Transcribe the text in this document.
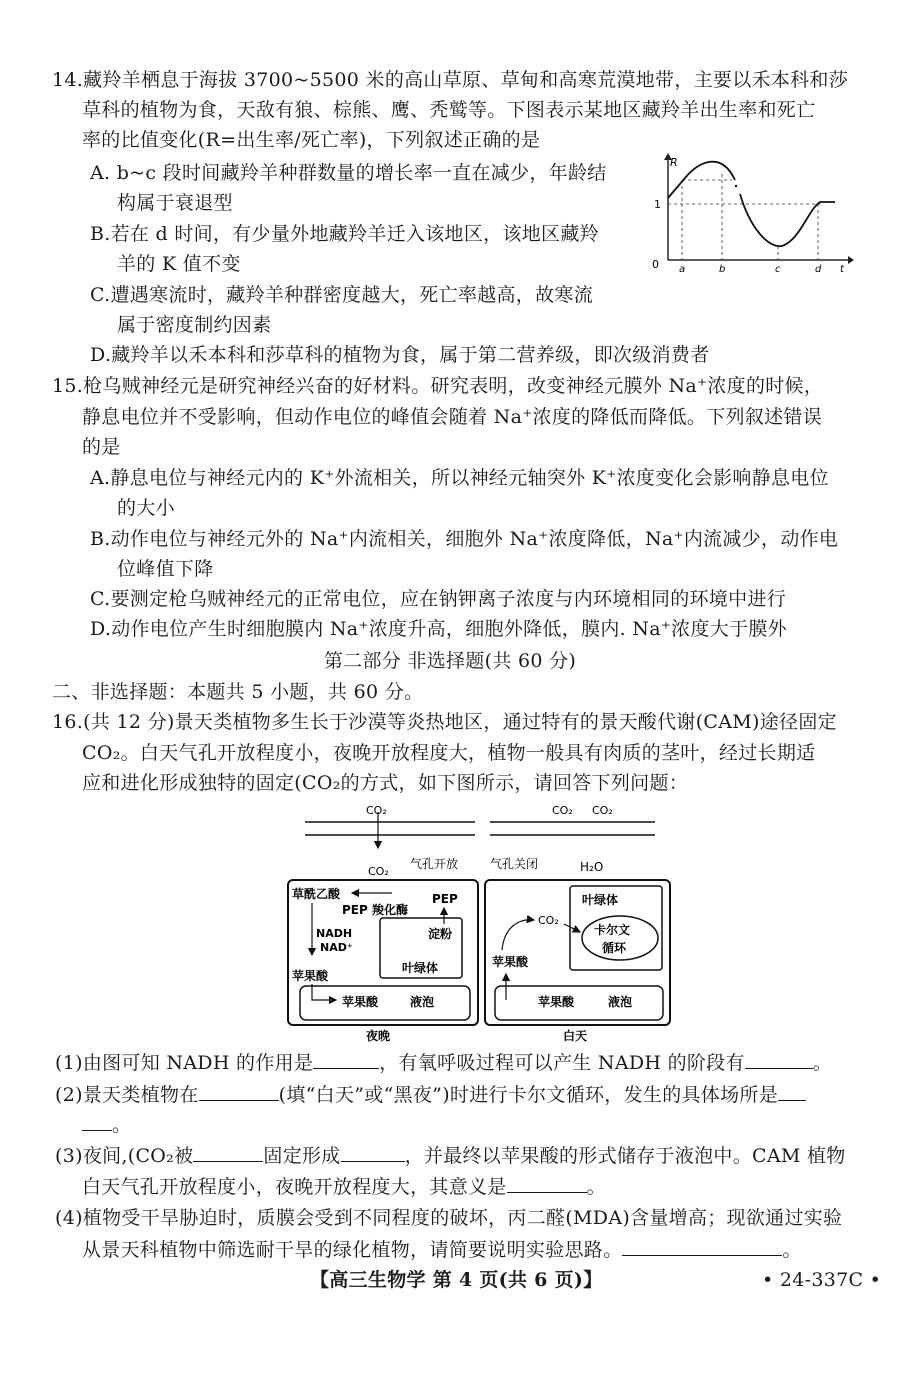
14.藏羚羊栖息于海拔 3700~5500 米的高山草原、草甸和高寒荒漠地带，主要以禾本科和莎
草科的植物为食，天敌有狼、棕熊、鹰、秃鹫等。下图表示某地区藏羚羊出生率和死亡
率的比值变化(R=出生率/死亡率)，下列叙述正确的是
A. b~c 段时间藏羚羊种群数量的增长率一直在减少，年龄结
构属于衰退型
B.若在 d 时间，有少量外地藏羚羊迁入该地区，该地区藏羚
羊的 K 值不变
C.遭遇寒流时，藏羚羊种群密度越大，死亡率越高，故寒流
属于密度制约因素
D.藏羚羊以禾本科和莎草科的植物为食，属于第二营养级，即次级消费者
R
1
0 a	b	c	d t
15.枪乌贼神经元是研究神经兴奋的好材料。研究表明，改变神经元膜外 Na⁺浓度的时候，
静息电位并不受影响，但动作电位的峰值会随着 Na⁺浓度的降低而降低。下列叙述错误
的是
A.静息电位与神经元内的 K⁺外流相关，所以神经元轴突外 K⁺浓度变化会影响静息电位
的大小
B.动作电位与神经元外的 Na⁺内流相关，细胞外 Na⁺浓度降低，Na⁺内流减少，动作电
位峰值下降
C.要测定枪乌贼神经元的正常电位，应在钠钾离子浓度与内环境相同的环境中进行
D.动作电位产生时细胞膜内 Na⁺浓度升高，细胞外降低，膜内. Na⁺浓度大于膜外
第二部分 非选择题(共 60 分)
二、非选择题：本题共 5 小题，共 60 分。
16.(共 12 分)景天类植物多生长于沙漠等炎热地区，通过特有的景天酸代谢(CAM)途径固定
CO₂。白天气孔开放程度小，夜晚开放程度大，植物一般具有肉质的茎叶，经过长期适
应和进化形成独特的固定(CO₂的方式，如下图所示，请回答下列问题：
CO₂
CO₂
气孔开放
CO₂ CO₂
气孔关闭	H₂O
草酰乙酸	PEP
PEP 羧化酶
NADH
NAD⁺
淀粉
叶绿体
苹果酸
苹果酸	液泡
夜晚
叶绿体
卡尔文
循环
CO₂
苹果酸
苹果酸	液泡
白天
(1)由图可知 NADH 的作用是	，有氧呼吸过程可以产生 NADH 的阶段有	。
(2)景天类植物在	(填“白天”或“黑夜”)时进行卡尔文循环，发生的具体场所是
。
(3)夜间,(CO₂被	固定形成	，并最终以苹果酸的形式储存于液泡中。CAM 植物
白天气孔开放程度小，夜晚开放程度大，其意义是	。
(4)植物受干旱胁迫时，质膜会受到不同程度的破坏，丙二醛(MDA)含量增高；现欲通过实验
从景天科植物中筛选耐干旱的绿化植物，请简要说明实验思路。	。
【高三生物学 第 4 页(共 6 页)】	• 24-337C •
